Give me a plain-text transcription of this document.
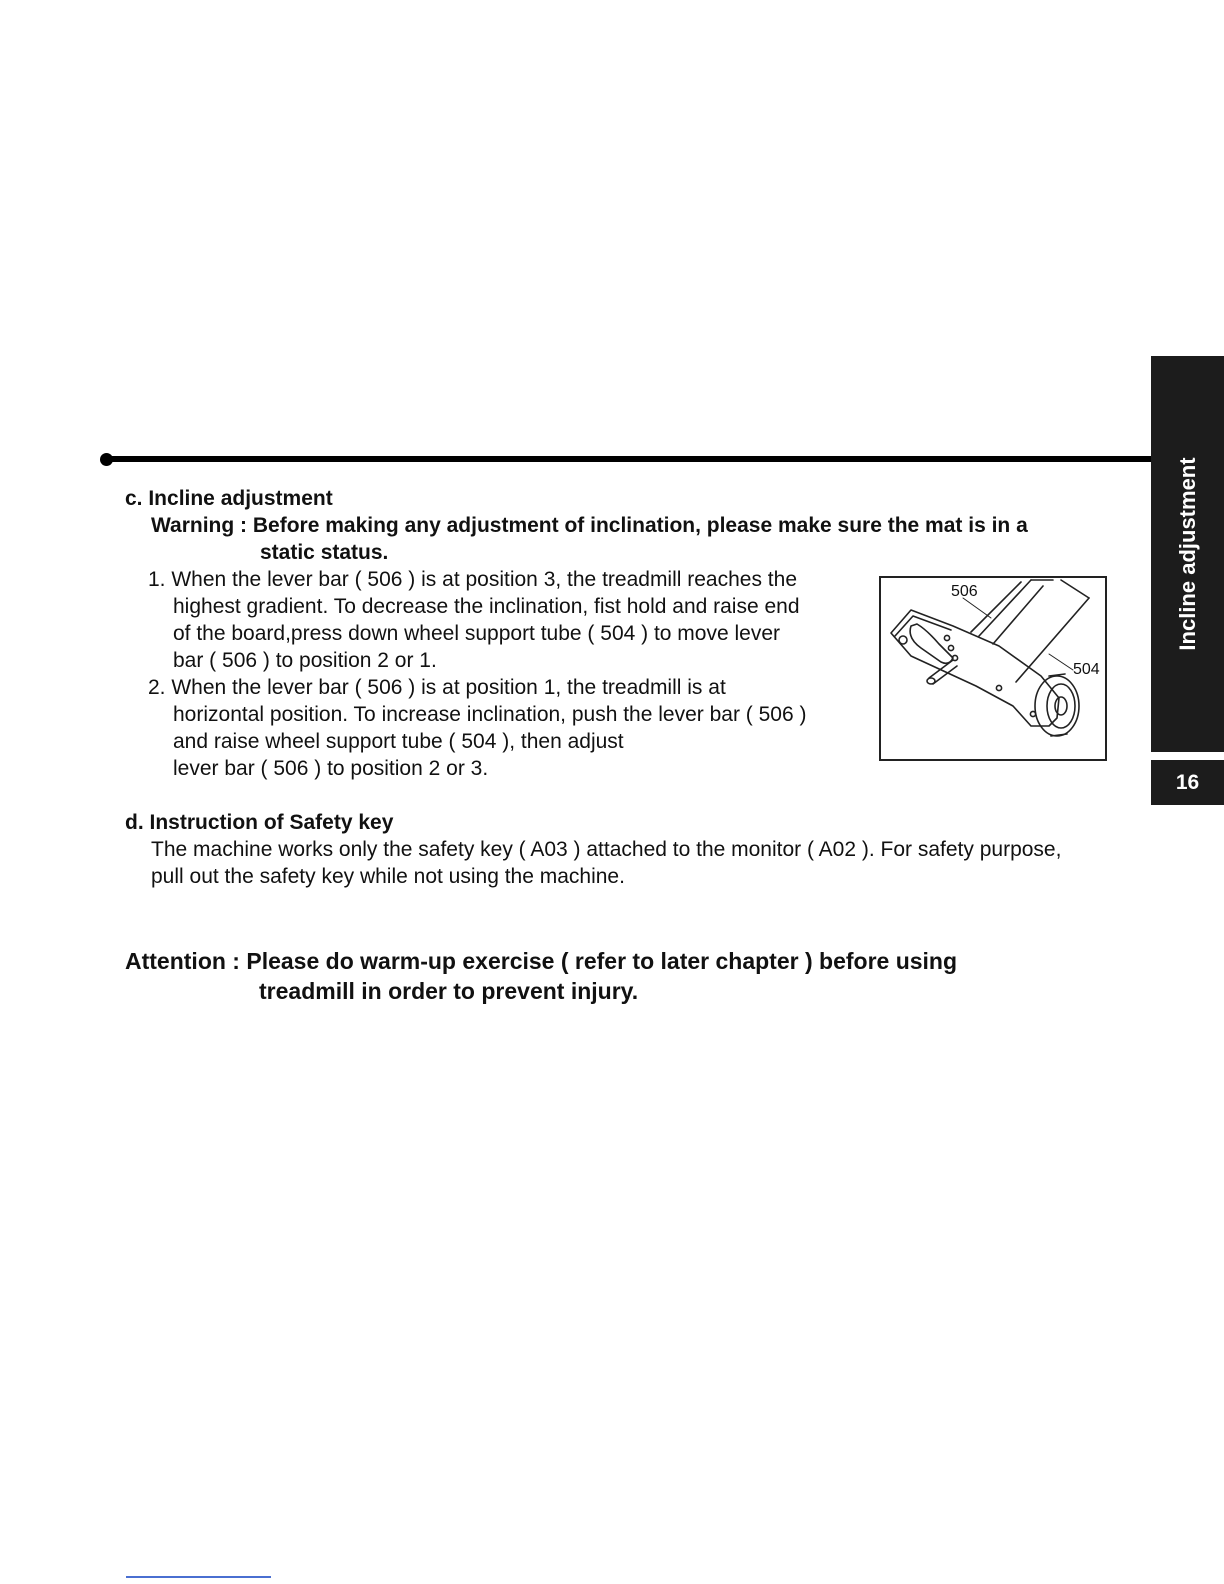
Incline adjustment
16
c. Incline adjustment
Warning : Before making any adjustment of inclination, please make sure the mat is in a
static status.
1. When the lever bar ( 506 ) is at position 3, the treadmill reaches the
highest gradient. To decrease the inclination, fist hold and raise end
of the board,press down wheel support tube ( 504 ) to move lever
bar ( 506 ) to position 2 or 1.
2. When the lever bar ( 506 ) is at position 1, the treadmill is at
horizontal position. To increase inclination, push the lever bar ( 506 )
and raise wheel support tube ( 504 ), then adjust
lever bar ( 506 ) to position 2 or 3.
506
504
d. Instruction of Safety key
The machine works only the safety key ( A03 ) attached to the monitor ( A02 ). For safety purpose,
pull out the safety key while not using the machine.
Attention : Please do warm-up exercise ( refer to later chapter ) before using
treadmill in order to prevent injury.
